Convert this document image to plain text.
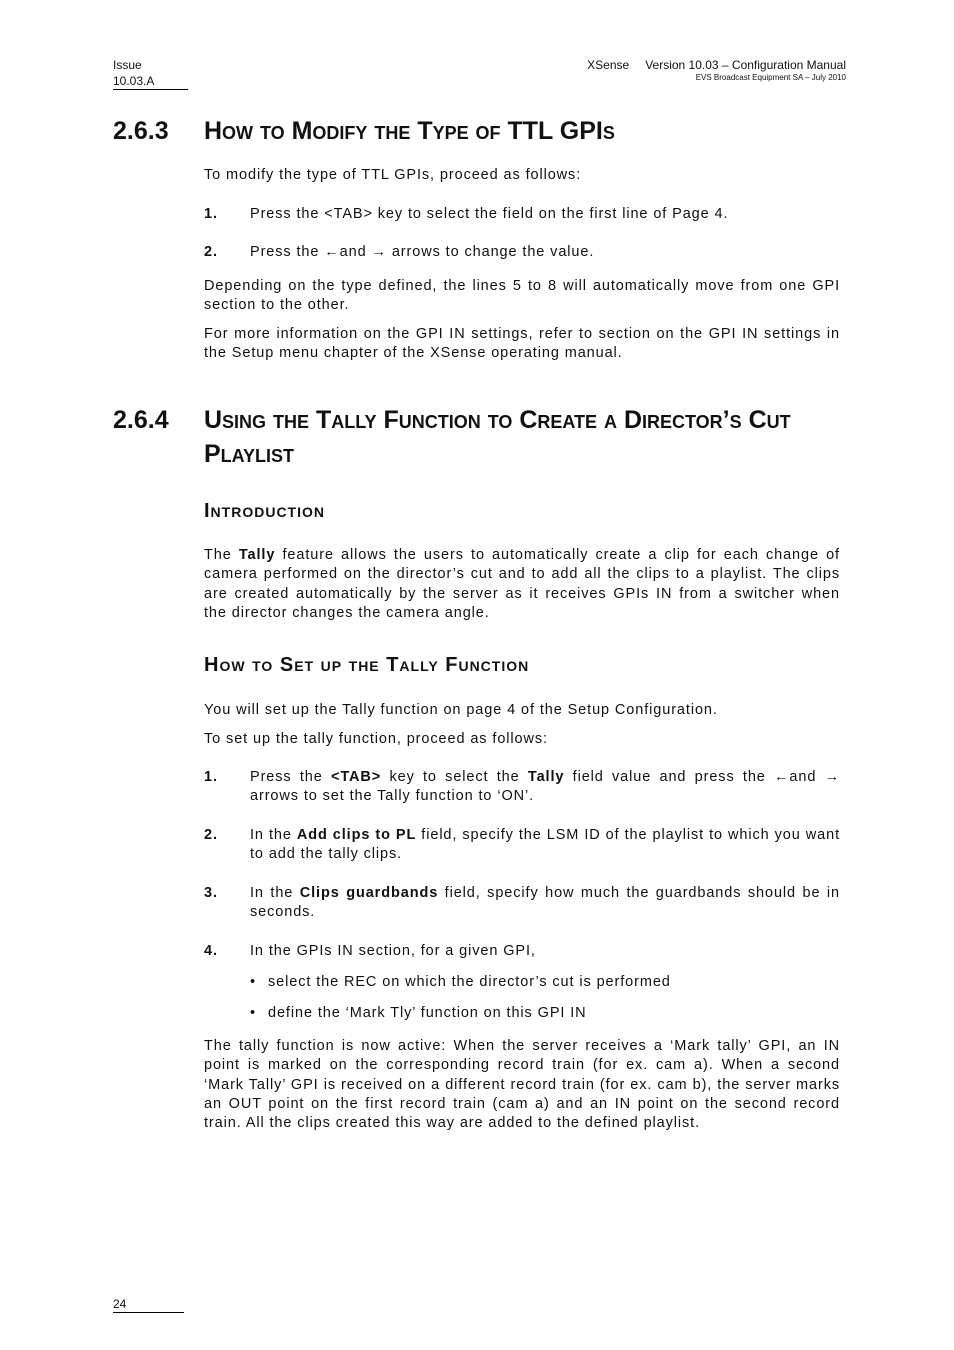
Issue
10.03.A
XSense Version 10.03 – Configuration Manual
EVS Broadcast Equipment SA – July 2010
2.6.3 How to Modify the Type of TTL GPIs
To modify the type of TTL GPIs, proceed as follows:
1. Press the <TAB> key to select the field on the first line of Page 4.
2. Press the ←and → arrows to change the value.
Depending on the type defined, the lines 5 to 8 will automatically move from one GPI section to the other.
For more information on the GPI IN settings, refer to section on the GPI IN settings in the Setup menu chapter of the XSense operating manual.
2.6.4 Using the Tally Function to Create a Director’s Cut Playlist
Introduction
The Tally feature allows the users to automatically create a clip for each change of camera performed on the director’s cut and to add all the clips to a playlist. The clips are created automatically by the server as it receives GPIs IN from a switcher when the director changes the camera angle.
How to Set up the Tally Function
You will set up the Tally function on page 4 of the Setup Configuration.
To set up the tally function, proceed as follows:
1. Press the <TAB> key to select the Tally field value and press the ←and → arrows to set the Tally function to ‘ON’.
2. In the Add clips to PL field, specify the LSM ID of the playlist to which you want to add the tally clips.
3. In the Clips guardbands field, specify how much the guardbands should be in seconds.
4. In the GPIs IN section, for a given GPI,
• select the REC on which the director’s cut is performed
• define the ‘Mark Tly’ function on this GPI IN
The tally function is now active: When the server receives a ‘Mark tally’ GPI, an IN point is marked on the corresponding record train (for ex. cam a). When a second ‘Mark Tally’ GPI is received on a different record train (for ex. cam b), the server marks an OUT point on the first record train (cam a) and an IN point on the second record train. All the clips created this way are added to the defined playlist.
24
